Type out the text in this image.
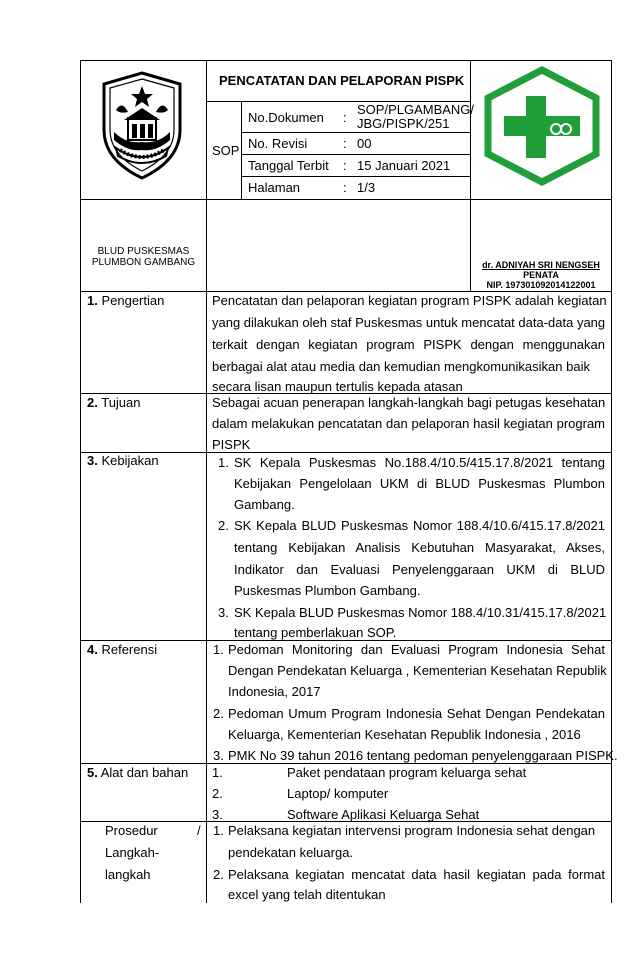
PENCATATAN DAN PELAPORAN PISPK
SOP
No.Dokumen :
SOP/PLGAMBANG/
JBG/PISPK/251
No. Revisi	: 00
Tanggal Terbit : 15 Januari 2021
Halaman	: 1/3
BLUD PUSKESMAS
PLUMBON GAMBANG	dr. ADNIYAH SRI NENGSEH
PENATA
NIP. 197301092014122001
1. Pengertian	Pencatatan dan pelaporan kegiatan program PISPK adalah kegiatan
yang dilakukan oleh staf Puskesmas untuk mencatat data-data yang
terkait dengan kegiatan program PISPK dengan menggunakan
berbagai alat atau media dan kemudian mengkomunikasikan baik
secara lisan maupun tertulis kepada atasan
2. Tujuan	Sebagai acuan penerapan langkah-langkah bagi petugas kesehatan
dalam melakukan pencatatan dan pelaporan hasil kegiatan program
PISPK
3. Kebijakan	1. SK Kepala Puskesmas No.188.4/10.5/415.17.8/2021 tentang
Kebijakan Pengelolaan UKM di BLUD Puskesmas Plumbon
Gambang.
2. SK Kepala BLUD Puskesmas Nomor 188.4/10.6/415.17.8/2021
tentang Kebijakan Analisis Kebutuhan Masyarakat, Akses,
Indikator dan Evaluasi Penyelenggaraan UKM di BLUD
Puskesmas Plumbon Gambang.
3. SK Kepala BLUD Puskesmas Nomor 188.4/10.31/415.17.8/2021
tentang pemberlakuan SOP.
4. Referensi	1. Pedoman Monitoring dan Evaluasi Program Indonesia Sehat
Dengan Pendekatan Keluarga , Kementerian Kesehatan Republik
Indonesia, 2017
2. Pedoman Umum Program Indonesia Sehat Dengan Pendekatan
Keluarga, Kementerian Kesehatan Republik Indonesia , 2016
3. PMK No 39 tahun 2016 tentang pedoman penyelenggaraan PISPK.
5. Alat dan bahan 1.	Paket pendataan program keluarga sehat
2.	Laptop/ komputer
3.	Software Aplikasi Keluarga Sehat
Prosedur	/
Langkah-
langkah
1. Pelaksana kegiatan intervensi program Indonesia sehat dengan
pendekatan keluarga.
2. Pelaksana kegiatan mencatat data hasil kegiatan pada format
excel yang telah ditentukan
